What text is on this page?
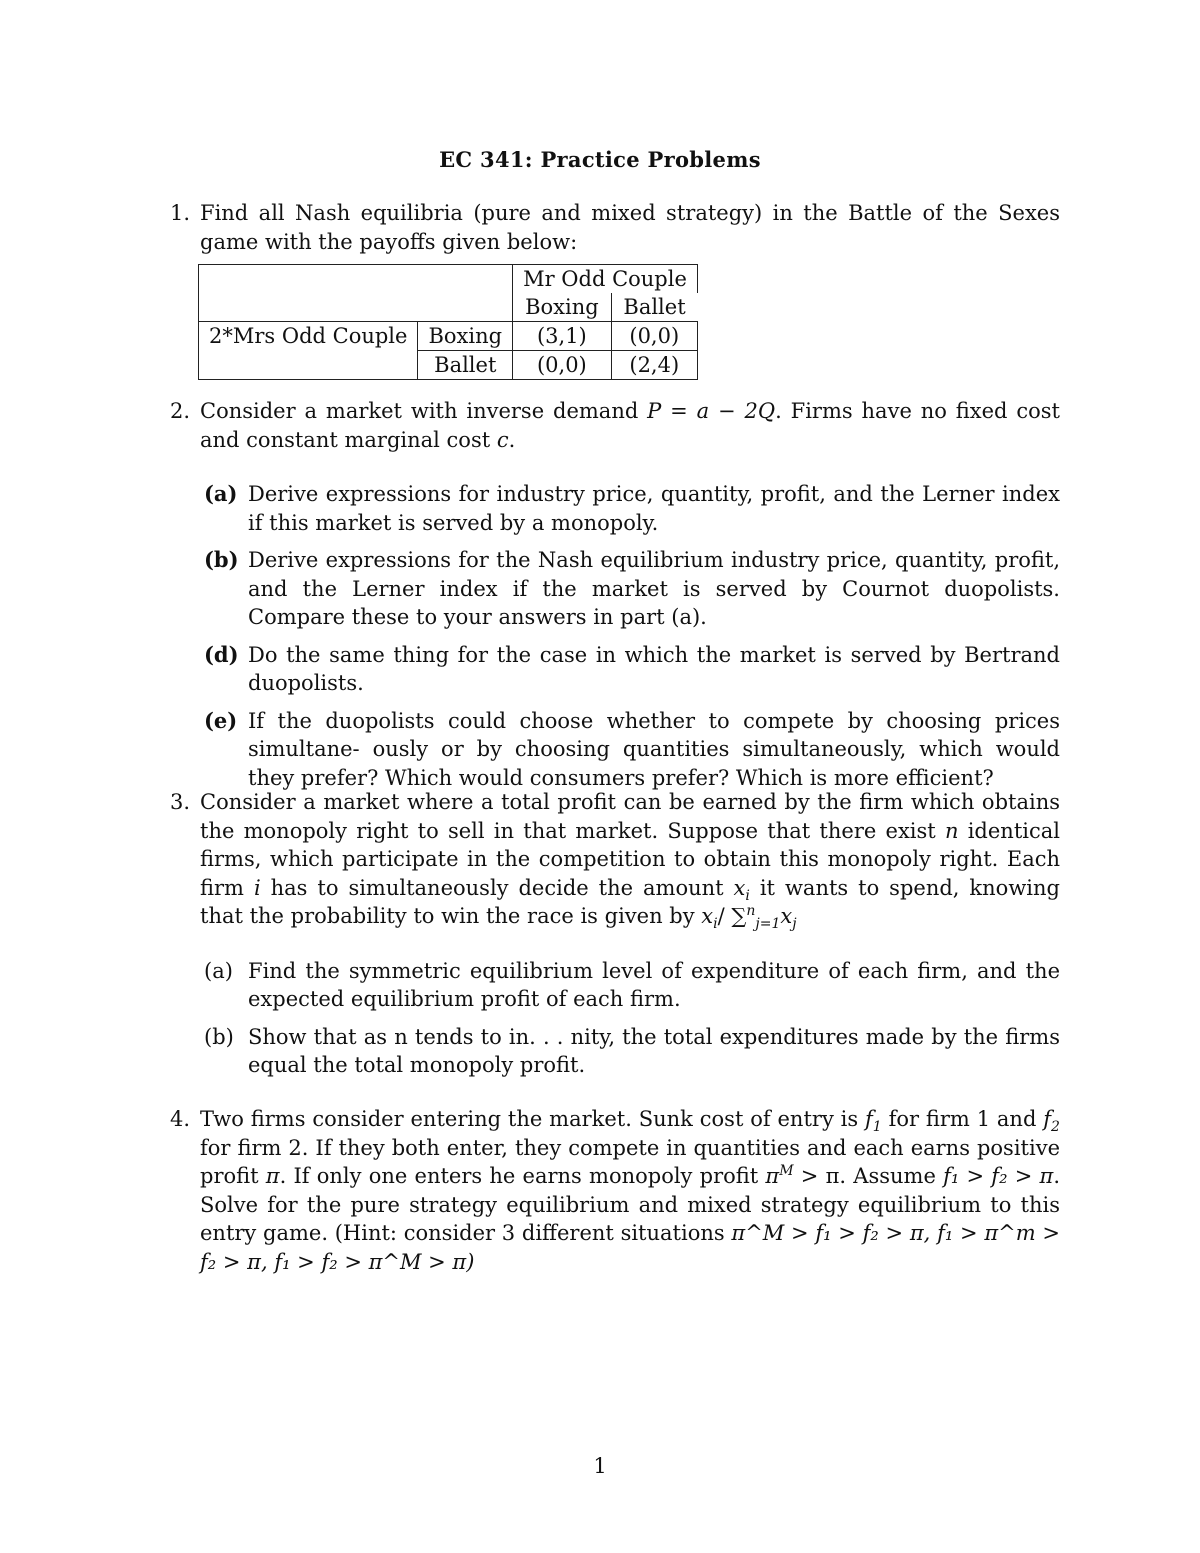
EC 341: Practice Problems
1. Find all Nash equilibria (pure and mixed strategy) in the Battle of the Sexes game with the payoffs given below:
		Mr Odd Couple	
		Boxing	Ballet
2*Mrs Odd Couple	Boxing	(3,1)	(0,0)
	Ballet	(0,0)	(2,4)
2. Consider a market with inverse demand P = a − 2Q. Firms have no fixed cost and constant marginal cost c.
(a) Derive expressions for industry price, quantity, profit, and the Lerner index if this market is served by a monopoly.
(b) Derive expressions for the Nash equilibrium industry price, quantity, profit, and the Lerner index if the market is served by Cournot duopolists. Compare these to your answers in part (a).
(d) Do the same thing for the case in which the market is served by Bertrand duopolists.
(e) If the duopolists could choose whether to compete by choosing prices simultane- ously or by choosing quantities simultaneously, which would they prefer? Which would consumers prefer? Which is more efficient?
3. Consider a market where a total profit can be earned by the firm which obtains the monopoly right to sell in that market. Suppose that there exist n identical firms, which participate in the competition to obtain this monopoly right. Each firm i has to simultaneously decide the amount $x_i$ it wants to spend, knowing that the probability to win the race is given by $x_i/$ $\sum^n_{j=1}x_j$
(a) Find the symmetric equilibrium level of expenditure of each firm, and the expected equilibrium profit of each firm.
(b) Show that as n tends to in. . . nity, the total expenditures made by the firms equal the total monopoly profit.
4. Two firms consider entering the market. Sunk cost of entry is $f_1$ for firm 1 and $f_2$ for firm 2. If they both enter, they compete in quantities and each earns positive profit π. If only one enters he earns monopoly profit $\pi^M > \pi$. Assume f₁ > f₂ > π. Solve for the pure strategy equilibrium and mixed strategy equilibrium to this entry game. (Hint: consider 3 different situations π^M > f₁ > f₂ > π, f₁ > π^m > f₂ > π, f₁ > f₂ > π^M > π)
1
